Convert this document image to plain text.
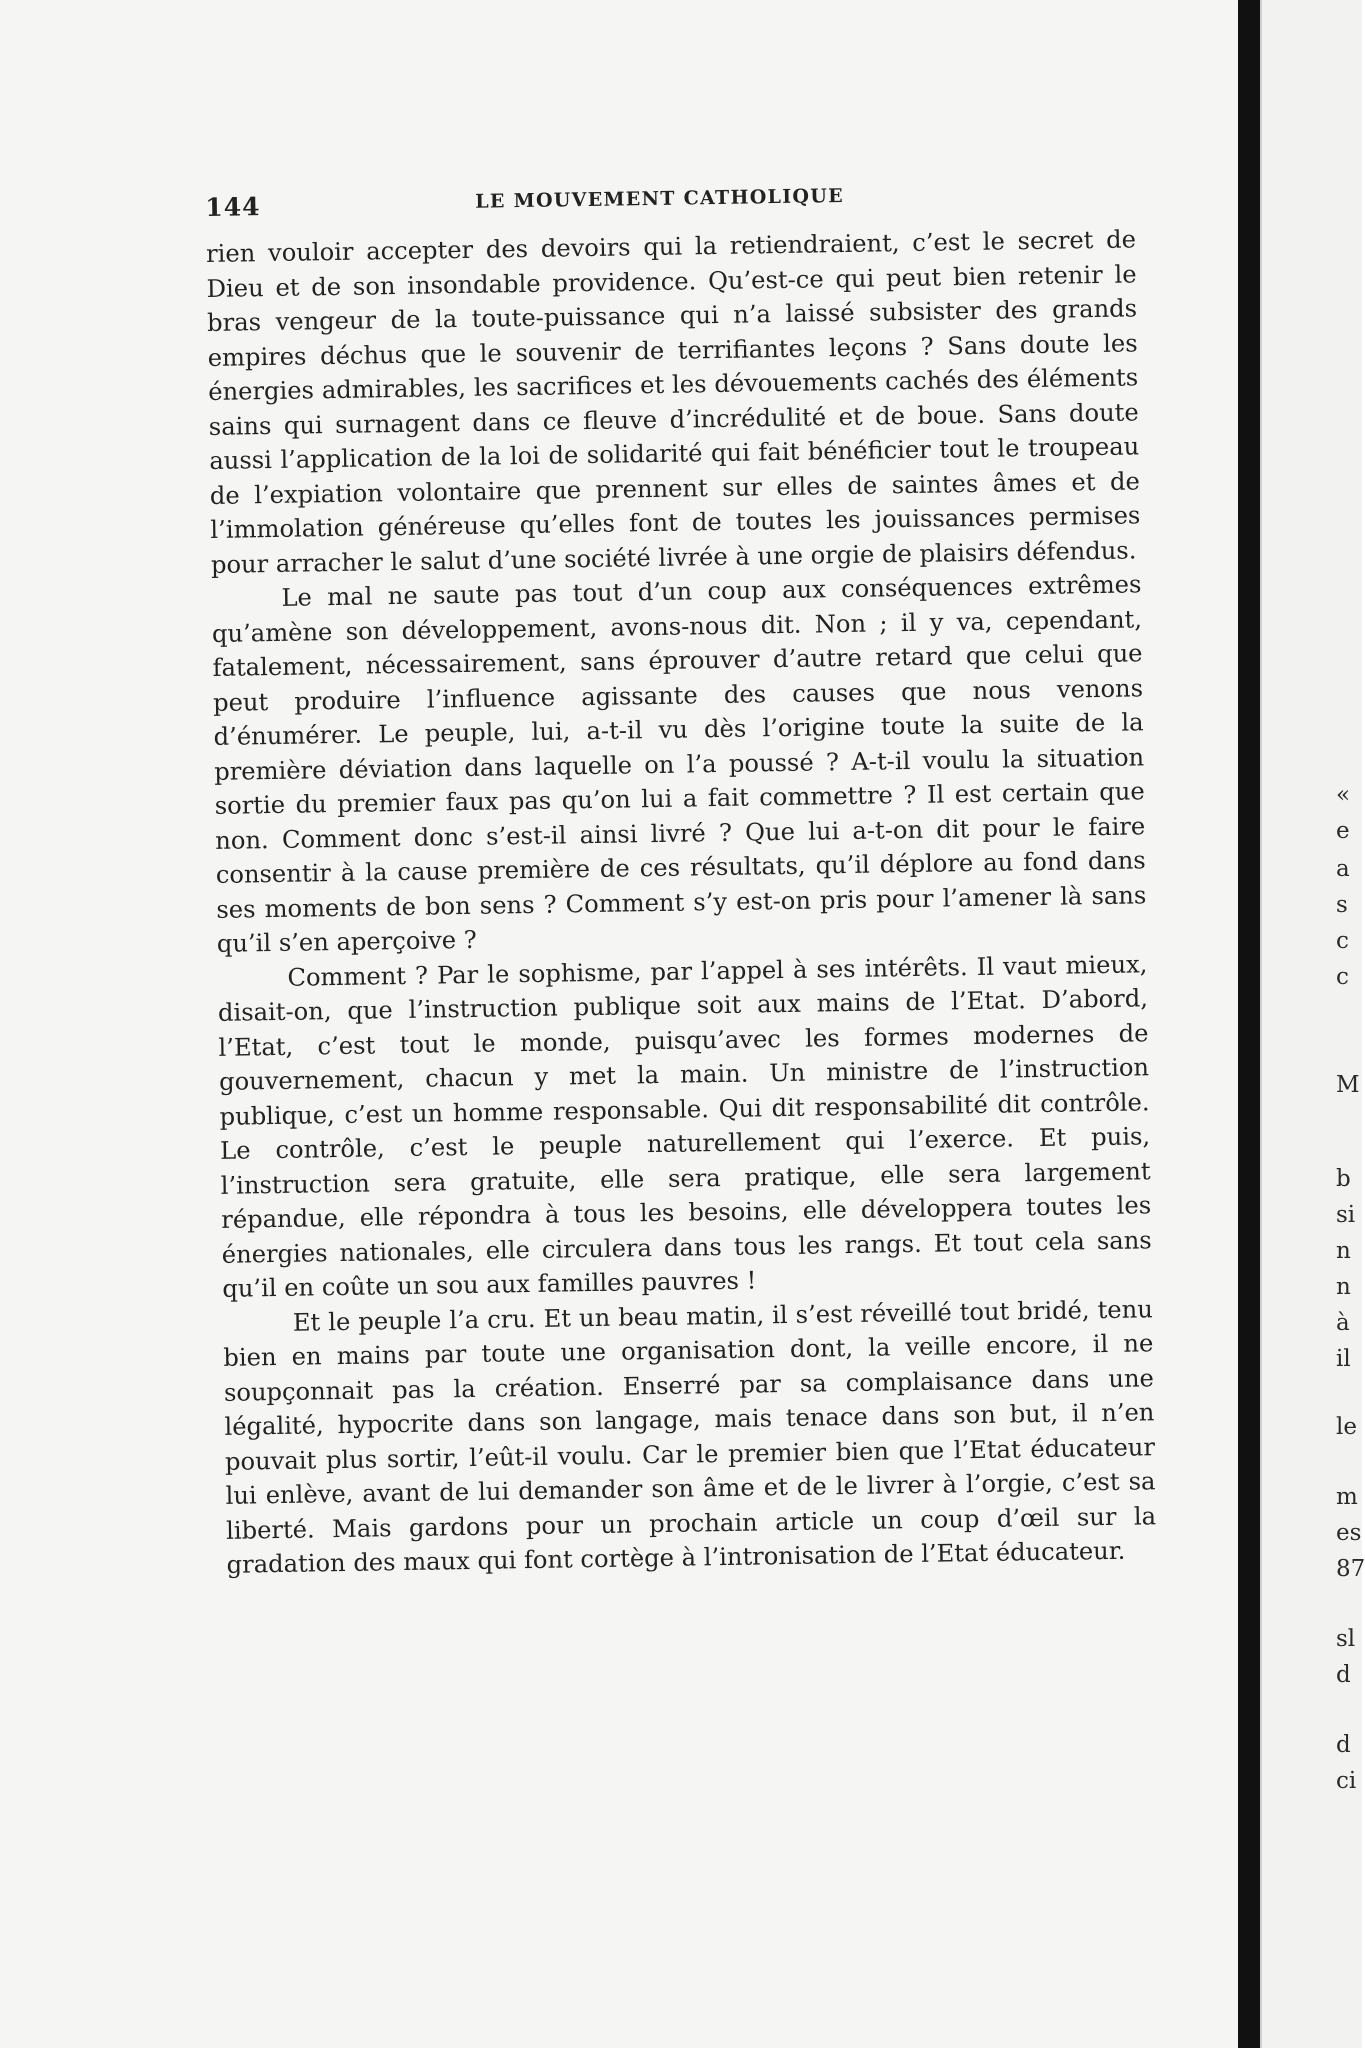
144	LE MOUVEMENT CATHOLIQUE

rien vouloir accepter des devoirs qui la retiendraient, c’est le secret de Dieu et de son insondable providence. Qu’est-ce qui peut bien retenir le bras vengeur de la toute-puissance qui n’a laissé subsister des grands empires déchus que le souvenir de terrifiantes leçons ? Sans doute les énergies admirables, les sacrifices et les dévouements cachés des éléments sains qui surnagent dans ce fleuve d’incrédulité et de boue. Sans doute aussi l’application de la loi de solidarité qui fait bénéficier tout le troupeau de l’expiation volontaire que prennent sur elles de saintes âmes et de l’immolation généreuse qu’elles font de toutes les jouissances permises pour arracher le salut d’une société livrée à une orgie de plaisirs défendus.

Le mal ne saute pas tout d’un coup aux conséquences extrêmes qu’amène son développement, avons-nous dit. Non ; il y va, cependant, fatalement, nécessairement, sans éprouver d’autre retard que celui que peut produire l’influence agissante des causes que nous venons d’énumérer. Le peuple, lui, a-t-il vu dès l’origine toute la suite de la première déviation dans laquelle on l’a poussé ? A-t-il voulu la situation sortie du premier faux pas qu’on lui a fait commettre ? Il est certain que non. Comment donc s’est-il ainsi livré ? Que lui a-t-on dit pour le faire consentir à la cause première de ces résultats, qu’il déplore au fond dans ses moments de bon sens ? Comment s’y est-on pris pour l’amener là sans qu’il s’en aperçoive ?

Comment ? Par le sophisme, par l’appel à ses intérêts. Il vaut mieux, disait-on, que l’instruction publique soit aux mains de l’Etat. D’abord, l’Etat, c’est tout le monde, puisqu’avec les formes modernes de gouvernement, chacun y met la main. Un ministre de l’instruction publique, c’est un homme responsable. Qui dit responsabilité dit contrôle. Le contrôle, c’est le peuple naturellement qui l’exerce. Et puis, l’instruction sera gratuite, elle sera pratique, elle sera largement répandue, elle répondra à tous les besoins, elle développera toutes les énergies nationales, elle circulera dans tous les rangs. Et tout cela sans qu’il en coûte un sou aux familles pauvres !

Et le peuple l’a cru. Et un beau matin, il s’est réveillé tout bridé, tenu bien en mains par toute une organisation dont, la veille encore, il ne soupçonnait pas la création. Enserré par sa complaisance dans une légalité, hypocrite dans son langage, mais tenace dans son but, il n’en pouvait plus sortir, l’eût-il voulu. Car le premier bien que l’Etat éducateur lui enlève, avant de lui demander son âme et de le livrer à l’orgie, c’est sa liberté. Mais gardons pour un prochain article un coup d’œil sur la gradation des maux qui font cortège à l’intronisation de l’Etat éducateur.

«
e
a
s
c
c
M
b
si
n
n
à
il
le
m
es
87
sl
d
d
ci
